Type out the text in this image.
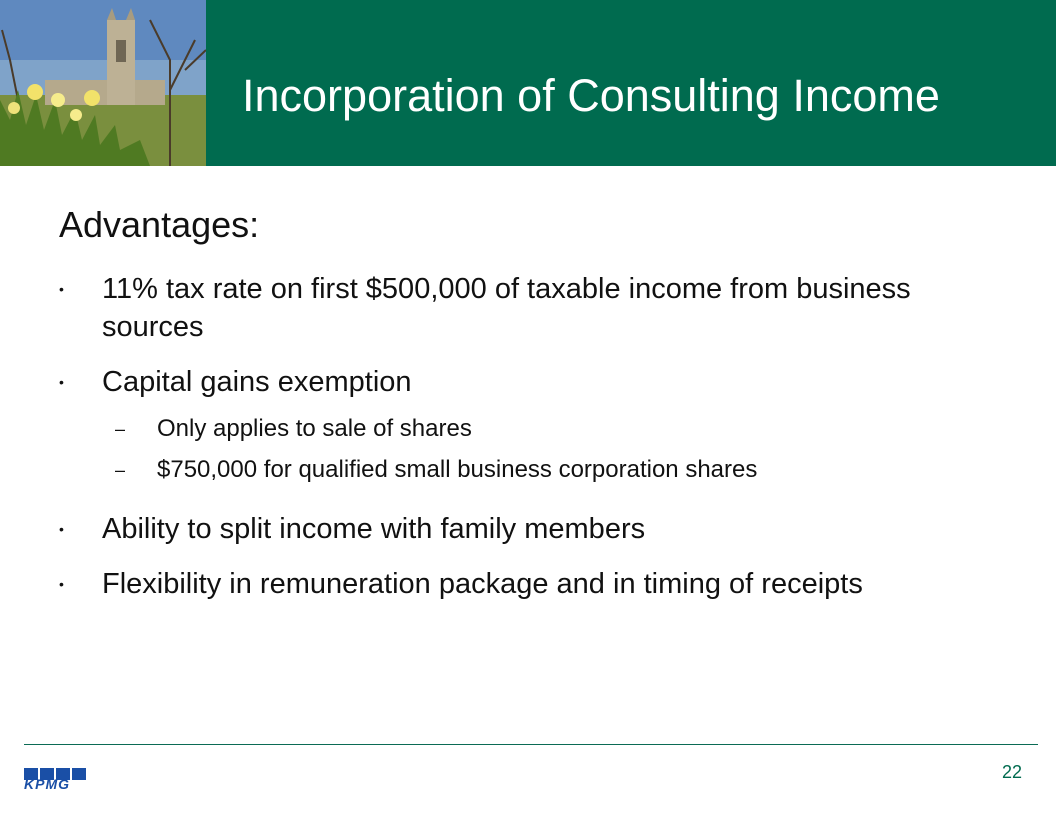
Incorporation of Consulting Income
Advantages:
• 11% tax rate on first $500,000 of taxable income from business sources
• Capital gains exemption
– Only applies to sale of shares
– $750,000 for qualified small business corporation shares
• Ability to split income with family members
• Flexibility in remuneration package and in timing of receipts
KPMG
22
